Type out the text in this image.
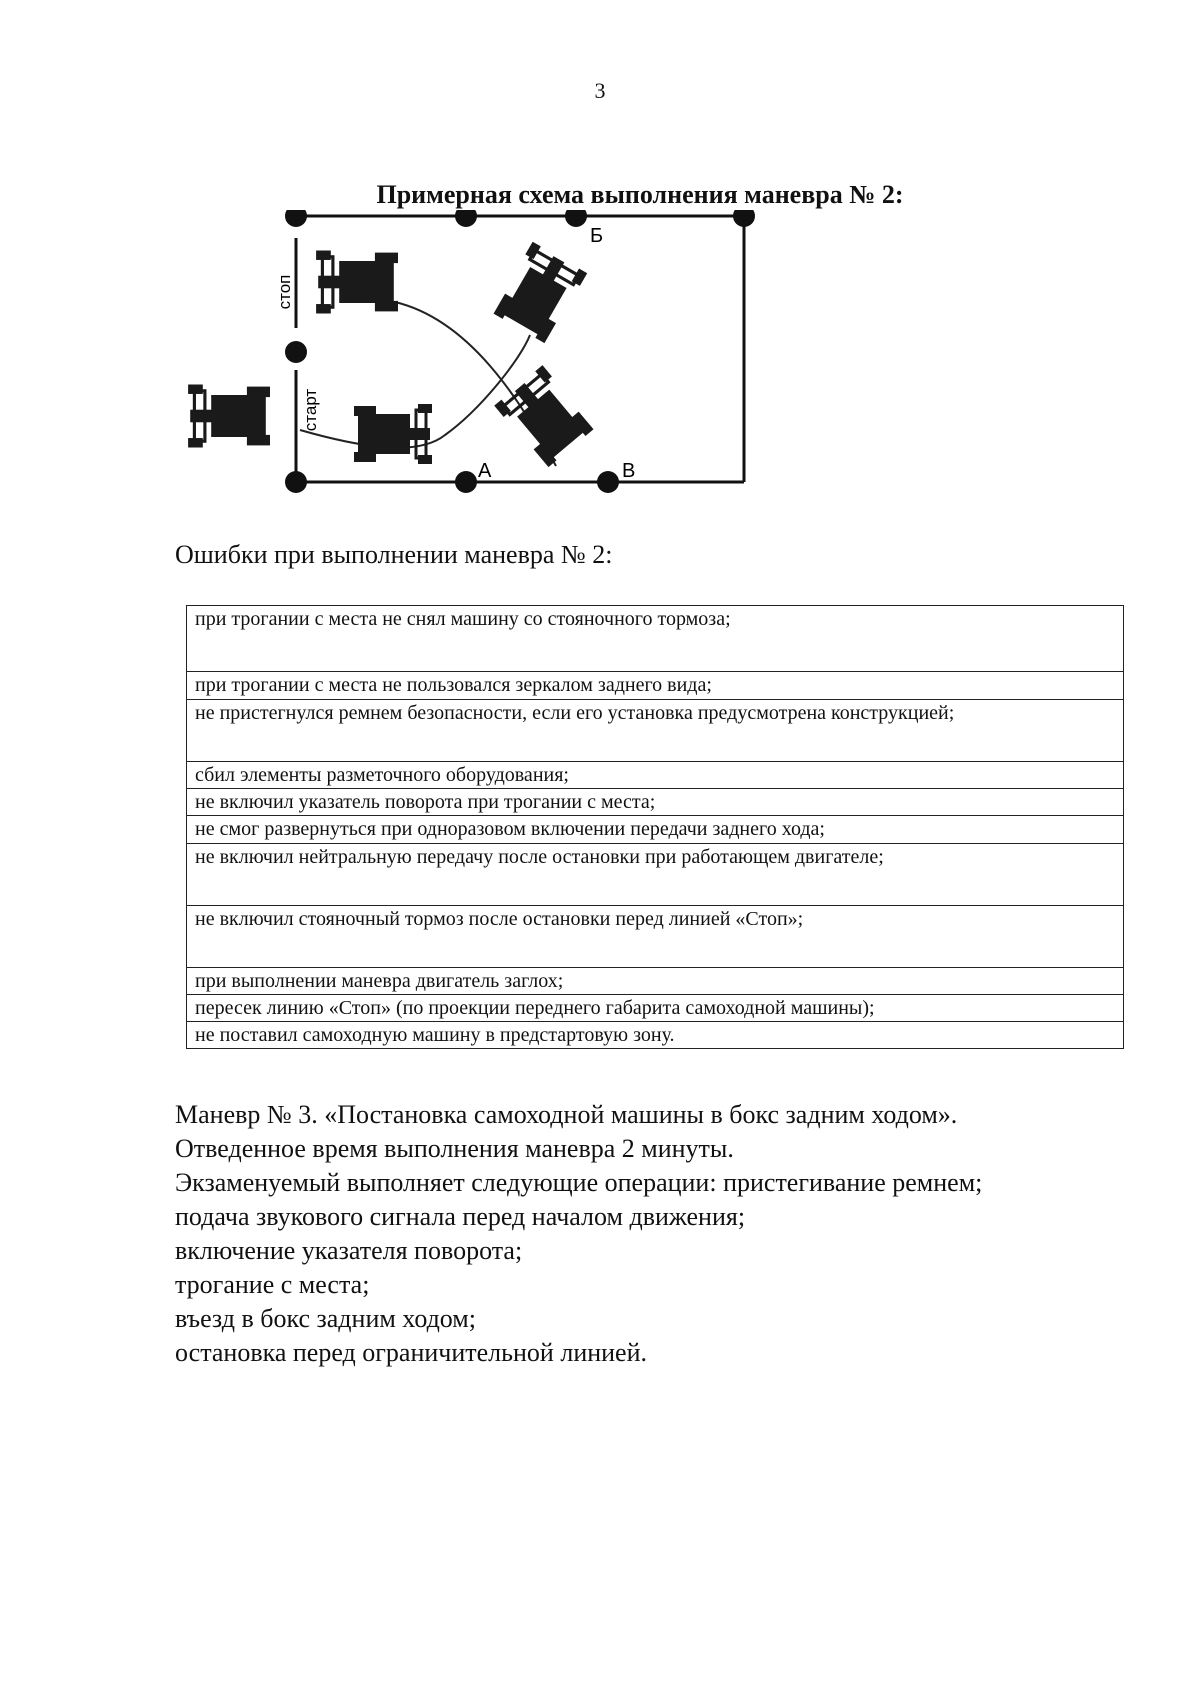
3
Примерная схема выполнения маневра № 2:
стоп
старт
А
Б
В
Ошибки при выполнении маневра № 2:
при трогании с места не снял машину со стояночного тормоза;
при трогании с места не пользовался зеркалом заднего вида;
не пристегнулся ремнем безопасности, если его установка предусмотрена конструкцией;
сбил элементы разметочного оборудования;
не включил указатель поворота при трогании с места;
не смог развернуться при одноразовом включении передачи заднего хода;
не включил нейтральную передачу после остановки при работающем двигателе;
не включил стояночный тормоз после остановки перед линией «Стоп»;
при выполнении маневра двигатель заглох;
пересек линию «Стоп» (по проекции переднего габарита самоходной машины);
не поставил самоходную машину в предстартовую зону.

Маневр № 3. «Постановка самоходной машины в бокс задним ходом».

Отведенное время выполнения маневра 2 минуты.

Экзаменуемый выполняет следующие операции: пристегивание ремнем;

подача звукового сигнала перед началом движения;

включение указателя поворота;

трогание с места;

въезд в бокс задним ходом;

остановка перед ограничительной линией.
